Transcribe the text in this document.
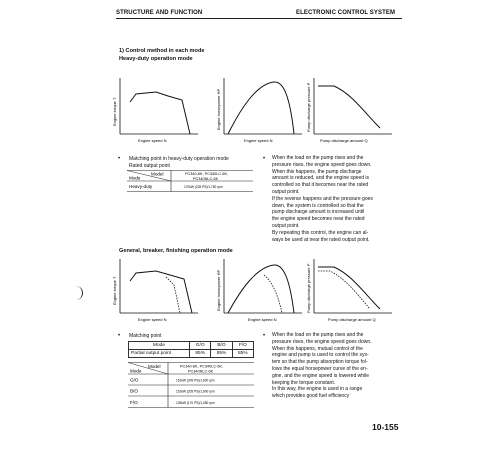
STRUCTURE AND FUNCTION	ELECTRONIC CONTROL SYSTEM
1) Control method in each mode
Heavy-duty operation mode
Engine torque T
Engine speed N
Engine horsepower HP
Engine speed N
Pump discharge pressure P
Pump discharge amount Q
• Matching point in heavy-duty operation mode
Rated output point
Mode
Model	PC340-6K, PC340LC-6K,
PC340NLC-6K
Heavy-duty	170kW (228 PS)/1,750 rpm
• When the load on the pump rises and the
pressure rises, the engine speed goes down.
When this happens, the pump discharge
amount is reduced, and the engine speed is
controlled so that it becomes near the rated
output point.
If the reverse happens and the pressure goes
down, the system is controlled so that the
pump discharge amount is increased until
the engine speed becomes near the rated
output point.
By repeating this control, the engine can al-
ways be used at near the rated output point.
General, breaker, finishing operation mode
Engine torque T
Engine speed N
Engine horsepower HP
Engine speed N
Pump discharge pressure P
Pump discharge amount Q
• Matching point
Mode	G/O	B/O	F/O
Partial output point	85%	85%	85%
Mode
Model	PC340-6K, PC340LC-6K,
PC340NLC-6K
G/O	151kW (205 PS)/1,600 rpm
B/O	151kW (205 PS)/1,600 rpm
F/O	125kW (170 PS)/1,450 rpm
• When the load on the pump rises and the
pressure rises, the engine speed goes down.
When this happens, mutual control of the
engine and pump is used to control the sys-
tem so that the pump absorption torque fol-
lows the equal horsepower curve of the en-
gine, and the engine speed is lowered while
keeping the torque constant.
In this way, the engine is used in a range
which provides good fuel efficiency
10-155
